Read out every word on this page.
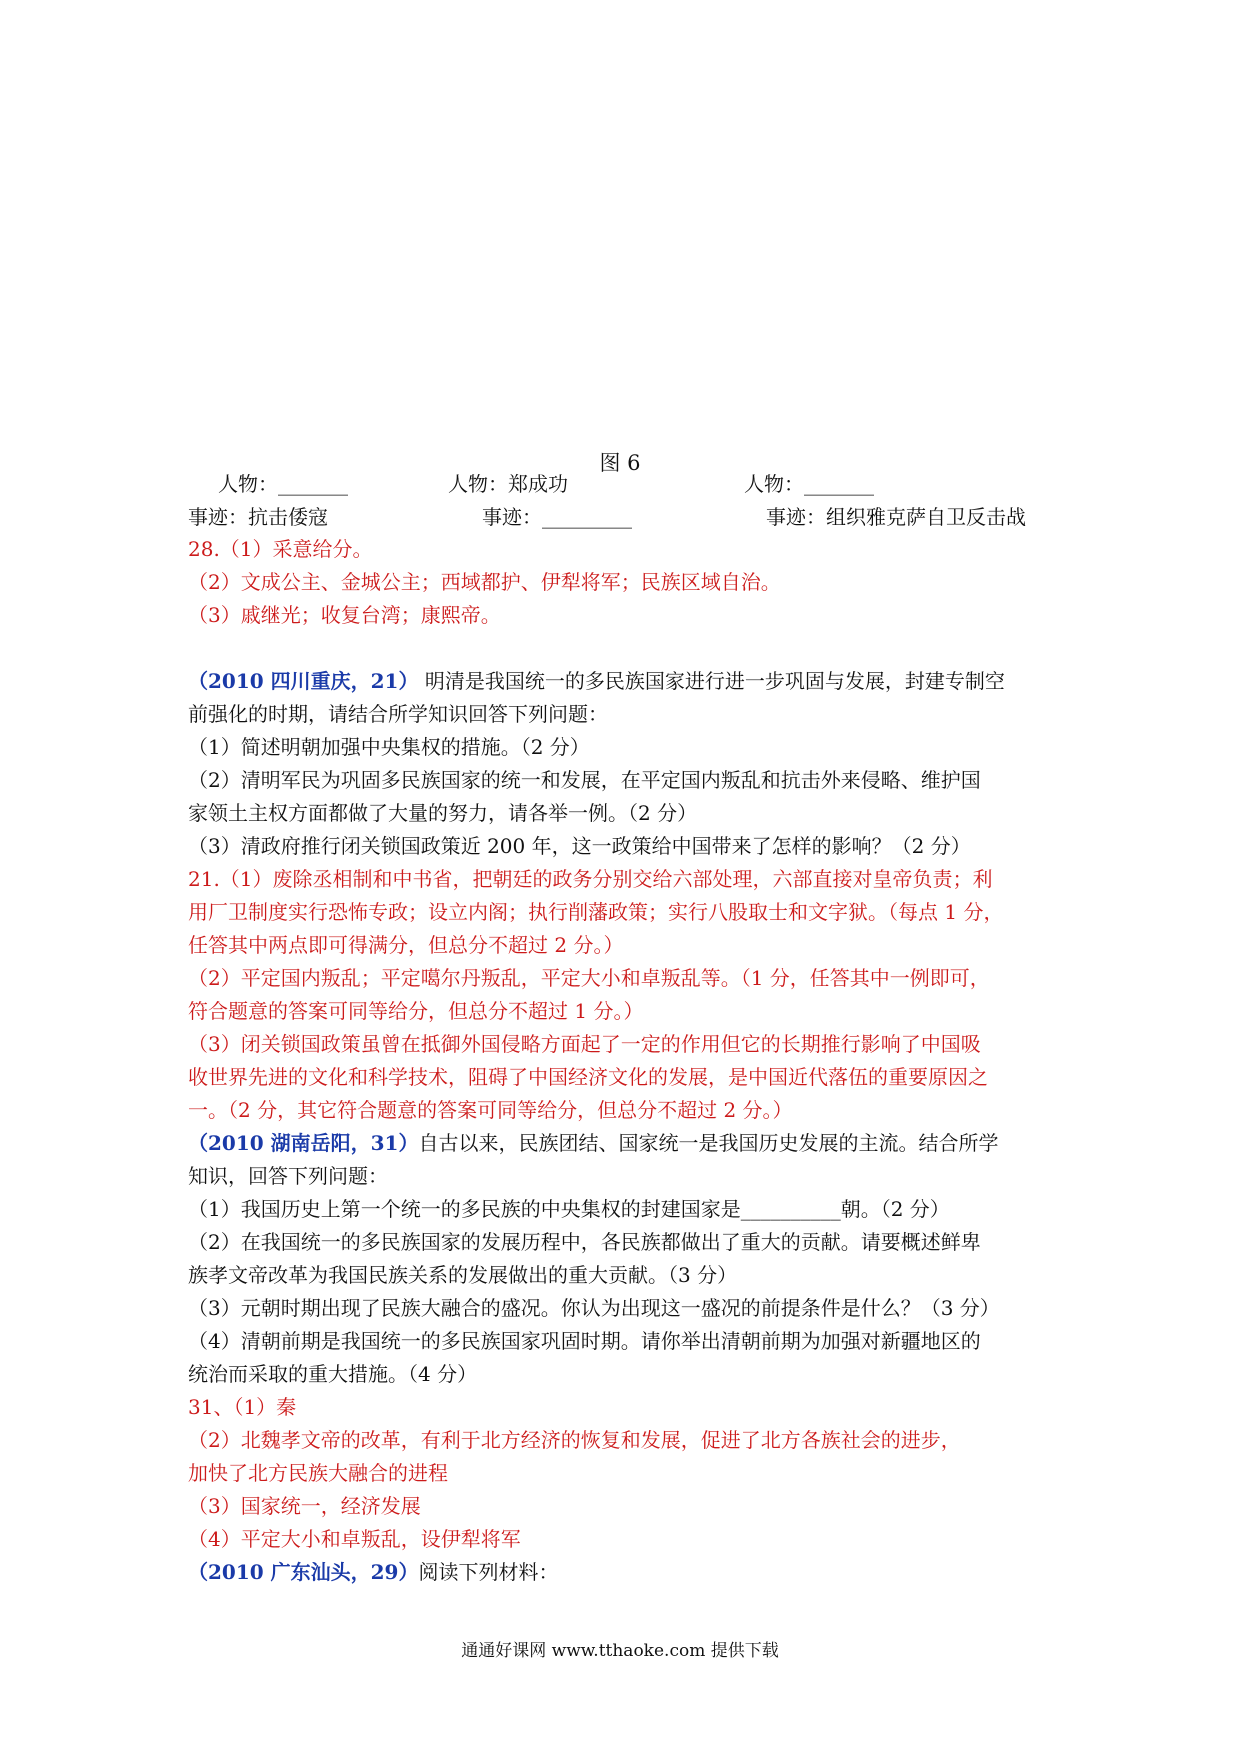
图 6
人物：_______	人物：郑成功	人物：_______
事迹：抗击倭寇	事迹：_________	事迹：组织雅克萨自卫反击战
28.（1）采意给分。
（2）文成公主、金城公主；西域都护、伊犁将军；民族区域自治。
（3）戚继光；收复台湾；康熙帝。
（2010 四川重庆，21） 明清是我国统一的多民族国家进行进一步巩固与发展，封建专制空
前强化的时期，请结合所学知识回答下列问题：
（1）简述明朝加强中央集权的措施。（2 分）
（2）清明军民为巩固多民族国家的统一和发展，在平定国内叛乱和抗击外来侵略、维护国
家领土主权方面都做了大量的努力，请各举一例。（2 分）
（3）清政府推行闭关锁国政策近 200 年，这一政策给中国带来了怎样的影响？（2 分）
21.（1）废除丞相制和中书省，把朝廷的政务分别交给六部处理，六部直接对皇帝负责；利
用厂卫制度实行恐怖专政；设立内阁；执行削藩政策；实行八股取士和文字狱。（每点 1 分，
任答其中两点即可得满分，但总分不超过 2 分。）
（2）平定国内叛乱；平定噶尔丹叛乱，平定大小和卓叛乱等。（1 分，任答其中一例即可，
符合题意的答案可同等给分，但总分不超过 1 分。）
（3）闭关锁国政策虽曾在抵御外国侵略方面起了一定的作用但它的长期推行影响了中国吸
收世界先进的文化和科学技术，阻碍了中国经济文化的发展，是中国近代落伍的重要原因之
一。（2 分，其它符合题意的答案可同等给分，但总分不超过 2 分。）
（2010 湖南岳阳，31）自古以来，民族团结、国家统一是我国历史发展的主流。结合所学
知识，回答下列问题：
（1）我国历史上第一个统一的多民族的中央集权的封建国家是__________朝。（2 分）
（2）在我国统一的多民族国家的发展历程中，各民族都做出了重大的贡献。请要概述鲜卑
族孝文帝改革为我国民族关系的发展做出的重大贡献。（3 分）
（3）元朝时期出现了民族大融合的盛况。你认为出现这一盛况的前提条件是什么？（3 分）
（4）清朝前期是我国统一的多民族国家巩固时期。请你举出清朝前期为加强对新疆地区的
统治而采取的重大措施。（4 分）
31、（1）秦
（2）北魏孝文帝的改革，有利于北方经济的恢复和发展，促进了北方各族社会的进步，
加快了北方民族大融合的进程
（3）国家统一，经济发展
（4）平定大小和卓叛乱，设伊犁将军
（2010 广东汕头，29）阅读下列材料：
通通好课网 www.tthaoke.com 提供下载
